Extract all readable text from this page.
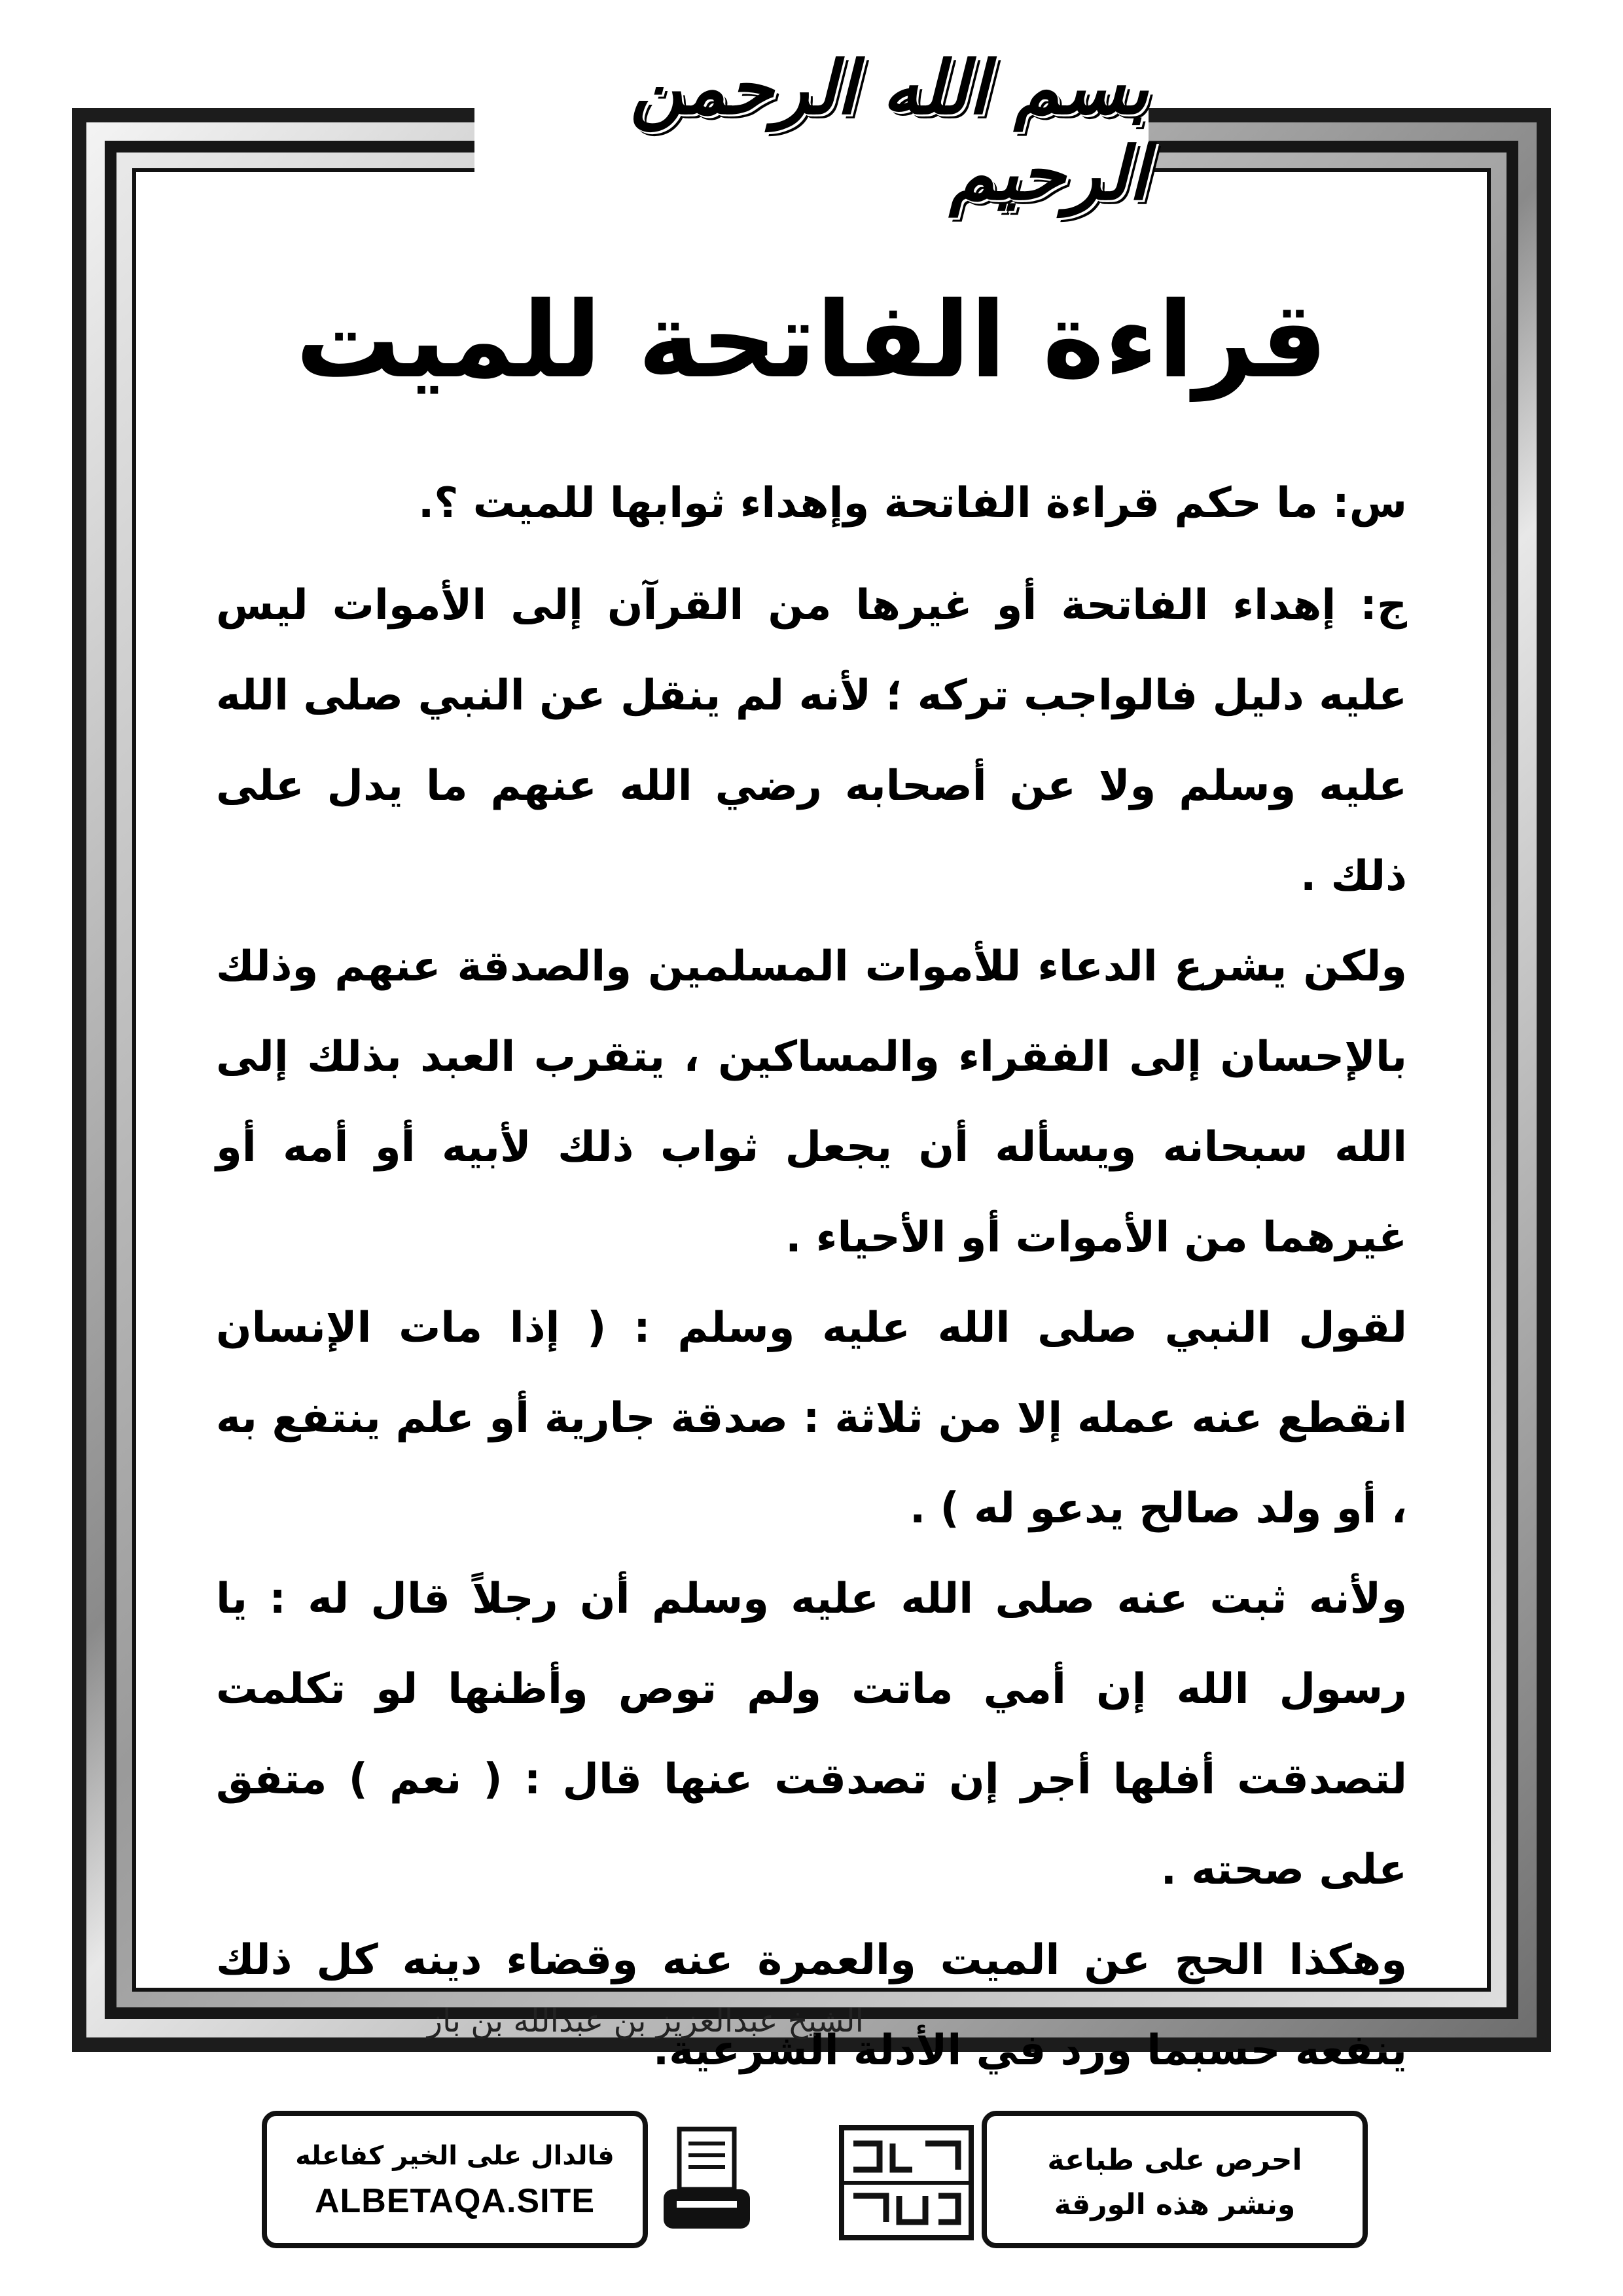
بسم الله الرحمن الرحيم
قراءة الفاتحة للميت

س: ما حكم قراءة الفاتحة وإهداء ثوابها للميت ؟.

ج: إهداء الفاتحة أو غيرها من القرآن إلى الأموات ليس عليه دليل فالواجب تركه ؛ لأنه لم ينقل عن النبي صلى الله عليه وسلم ولا عن أصحابه رضي الله عنهم ما يدل على ذلك .

ولكن يشرع الدعاء للأموات المسلمين والصدقة عنهم وذلك بالإحسان إلى الفقراء والمساكين ، يتقرب العبد بذلك إلى الله سبحانه ويسأله أن يجعل ثواب ذلك لأبيه أو أمه أو غيرهما من الأموات أو الأحياء .

لقول النبي صلى الله عليه وسلم : ( إذا مات الإنسان انقطع عنه عمله إلا من ثلاثة : صدقة جارية أو علم ينتفع به ، أو ولد صالح يدعو له ) .

ولأنه ثبت عنه صلى الله عليه وسلم أن رجلاً قال له : يا رسول الله إن أمي ماتت ولم توص وأظنها لو تكلمت لتصدقت أفلها أجر إن تصدقت عنها قال : ( نعم ) متفق على صحته .

وهكذا الحج عن الميت والعمرة عنه وقضاء دينه كل ذلك ينفعه حسبما ورد في الأدلة الشرعية.

الشيخ عبدالعزيز بن عبدالله بن باز
فالدال على الخير كفاعله
ALBETAQA.SITE
احرص على طباعة
ونشر هذه الورقة
